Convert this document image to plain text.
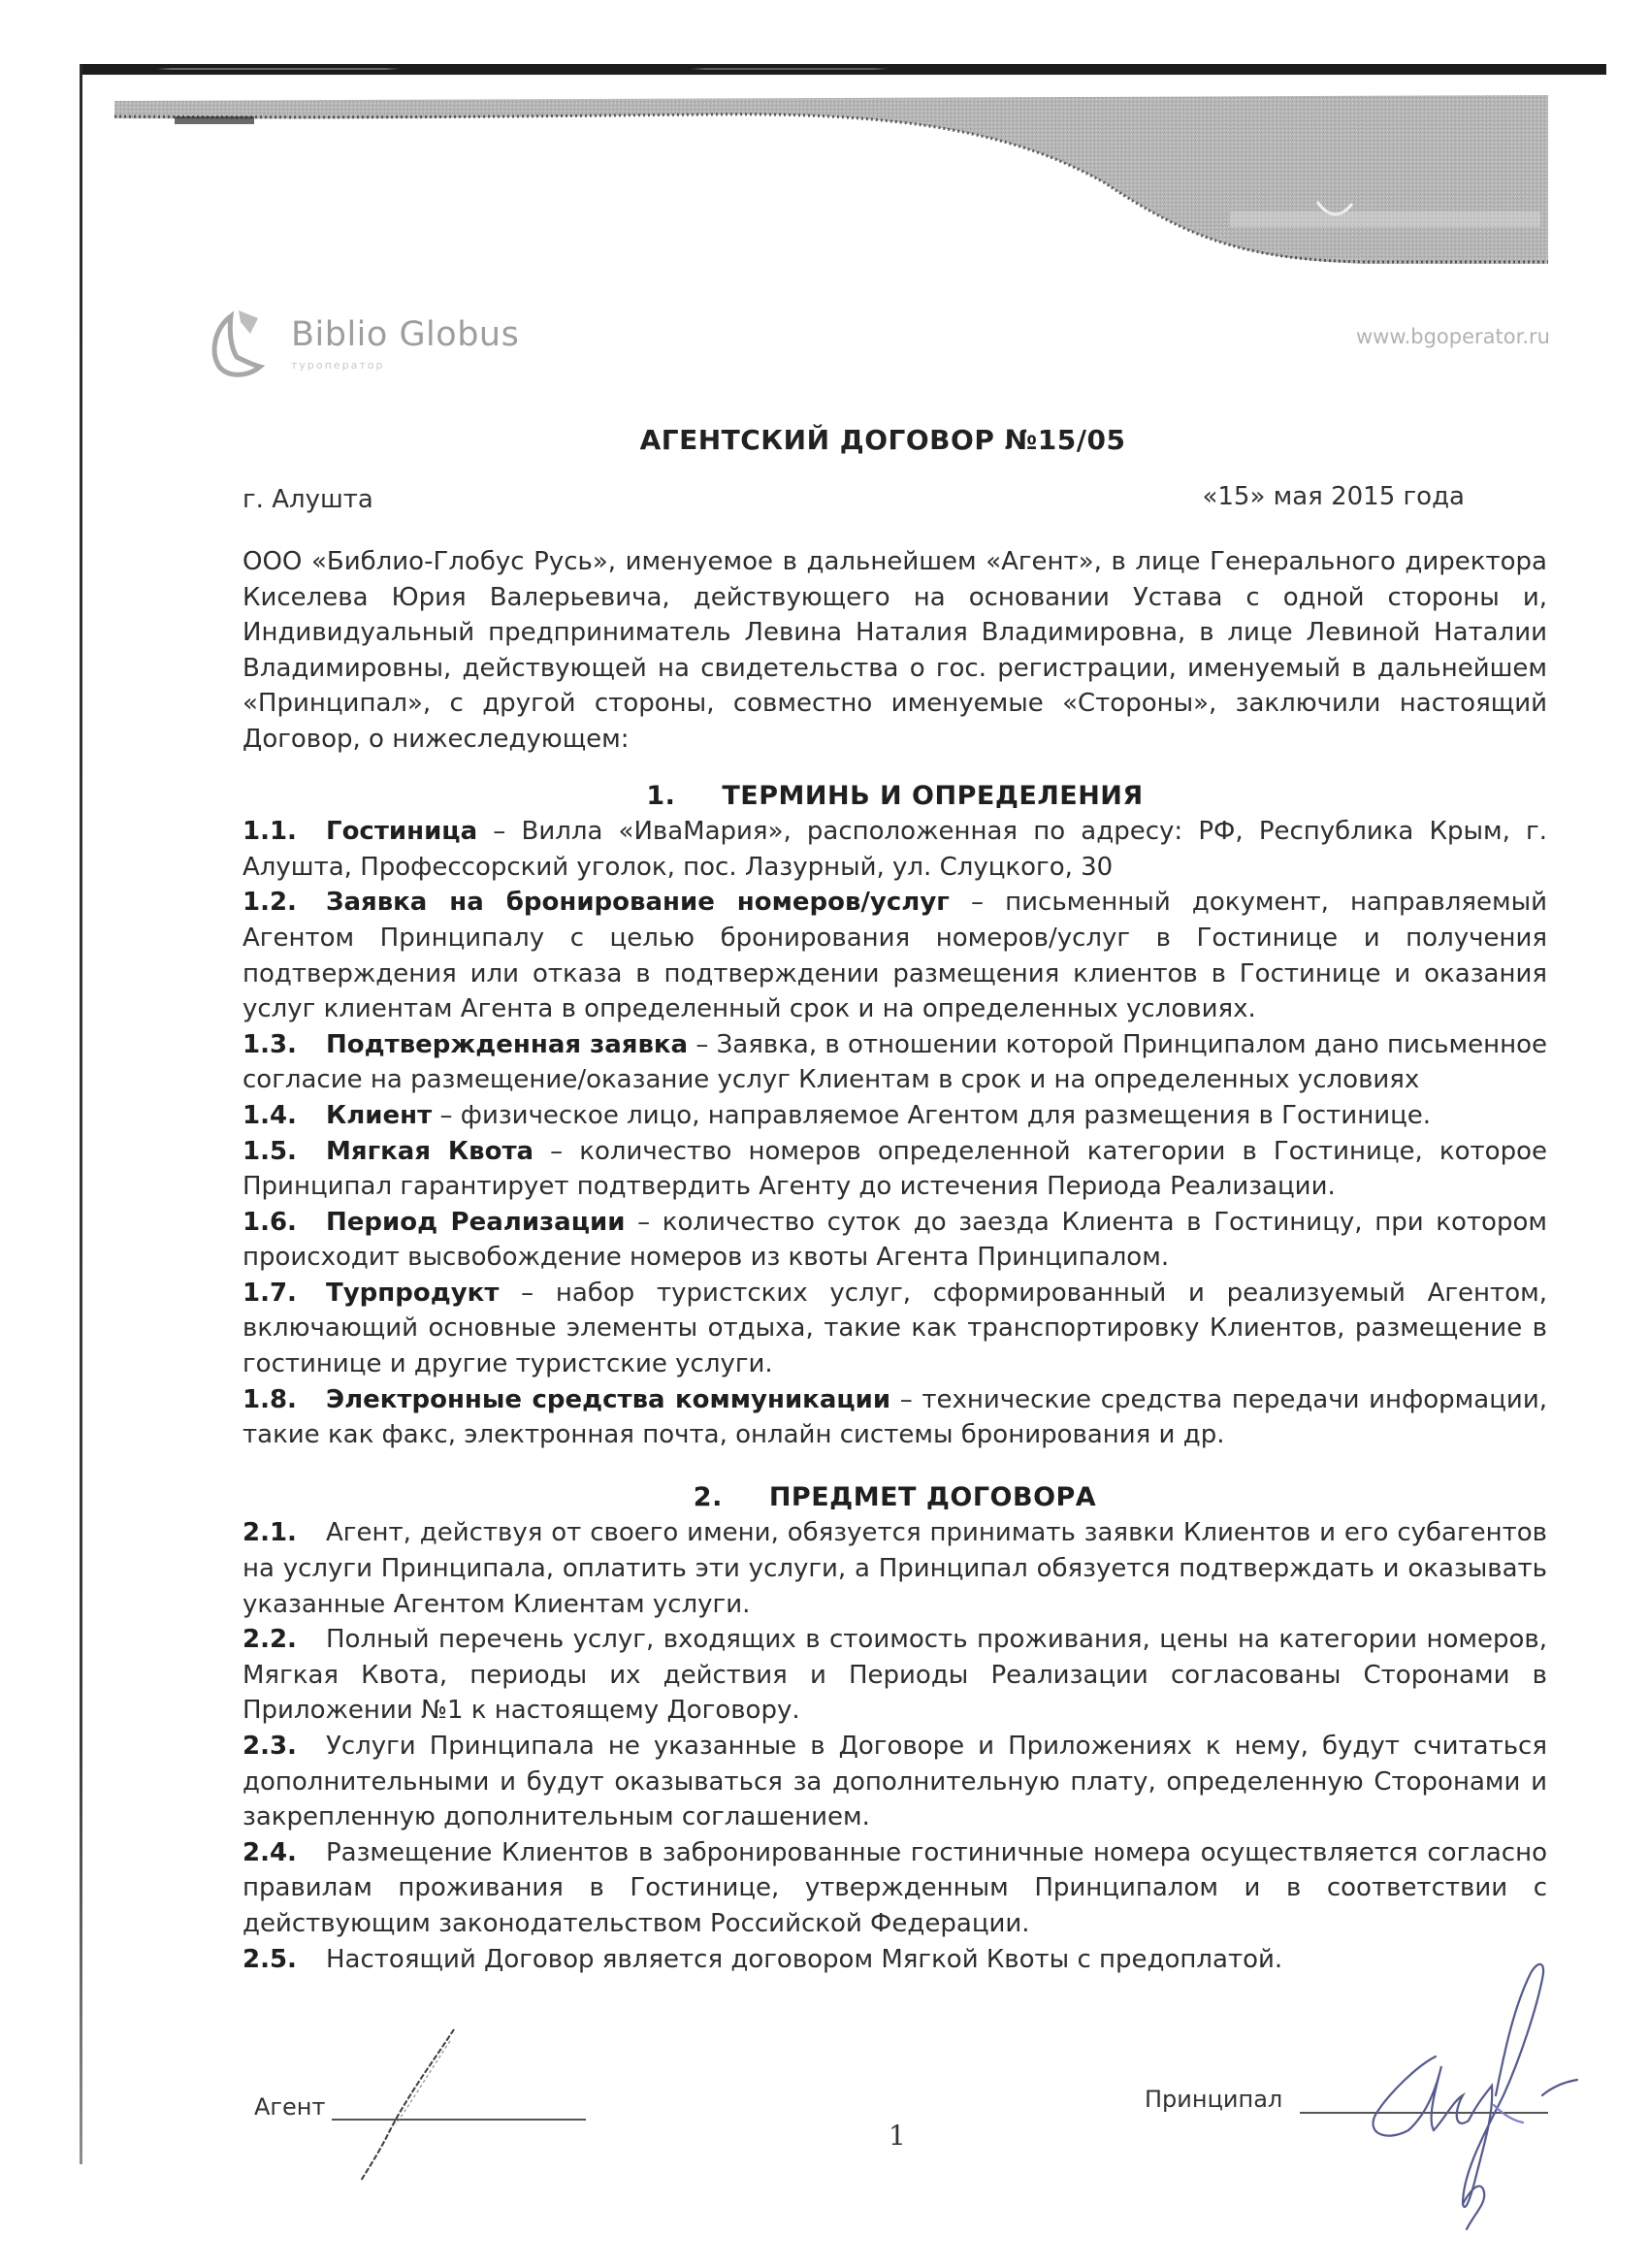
Biblio Globus
туроператор
www.bgoperator.ru
АГЕНТСКИЙ ДОГОВОР №15/05
г. Алушта	«15» мая 2015 года

ООО «Библио-Глобус Русь», именуемое в дальнейшем «Агент», в лице Генерального директора Киселева Юрия Валерьевича, действующего на основании Устава с одной стороны и, Индивидуальный предприниматель Левина Наталия Владимировна, в лице Левиной Наталии Владимировны, действующей на свидетельства о гос. регистрации, именуемый в дальнейшем «Принципал», с другой стороны, совместно именуемые «Стороны», заключили настоящий Договор, о нижеследующем:

1. ТЕРМИНЬ И ОПРЕДЕЛЕНИЯ

1.1. Гостиница – Вилла «ИваМария», расположенная по адресу: РФ, Республика Крым, г. Алушта, Профессорский уголок, пос. Лазурный, ул. Слуцкого, 30

1.2. Заявка на бронирование номеров/услуг – письменный документ, направляемый Агентом Принципалу с целью бронирования номеров/услуг в Гостинице и получения подтверждения или отказа в подтверждении размещения клиентов в Гостинице и оказания услуг клиентам Агента в определенный срок и на определенных условиях.

1.3. Подтвержденная заявка – Заявка, в отношении которой Принципалом дано письменное согласие на размещение/оказание услуг Клиентам в срок и на определенных условиях

1.4. Клиент – физическое лицо, направляемое Агентом для размещения в Гостинице.

1.5. Мягкая Квота – количество номеров определенной категории в Гостинице, которое Принципал гарантирует подтвердить Агенту до истечения Периода Реализации.

1.6. Период Реализации – количество суток до заезда Клиента в Гостиницу, при котором происходит высвобождение номеров из квоты Агента Принципалом.

1.7. Турпродукт – набор туристских услуг, сформированный и реализуемый Агентом, включающий основные элементы отдыха, такие как транспортировку Клиентов, размещение в гостинице и другие туристские услуги.

1.8. Электронные средства коммуникации – технические средства передачи информации, такие как факс, электронная почта, онлайн системы бронирования и др.

2. ПРЕДМЕТ ДОГОВОРА

2.1. Агент, действуя от своего имени, обязуется принимать заявки Клиентов и его субагентов на услуги Принципала, оплатить эти услуги, а Принципал обязуется подтверждать и оказывать указанные Агентом Клиентам услуги.

2.2. Полный перечень услуг, входящих в стоимость проживания, цены на категории номеров, Мягкая Квота, периоды их действия и Периоды Реализации согласованы Сторонами в Приложении №1 к настоящему Договору.

2.3. Услуги Принципала не указанные в Договоре и Приложениях к нему, будут считаться дополнительными и будут оказываться за дополнительную плату, определенную Сторонами и закрепленную дополнительным соглашением.

2.4. Размещение Клиентов в забронированные гостиничные номера осуществляется согласно правилам проживания в Гостинице, утвержденным Принципалом и в соответствии с действующим законодательством Российской Федерации.

2.5. Настоящий Договор является договором Мягкой Квоты с предоплатой.

Агент	Принципал
1
